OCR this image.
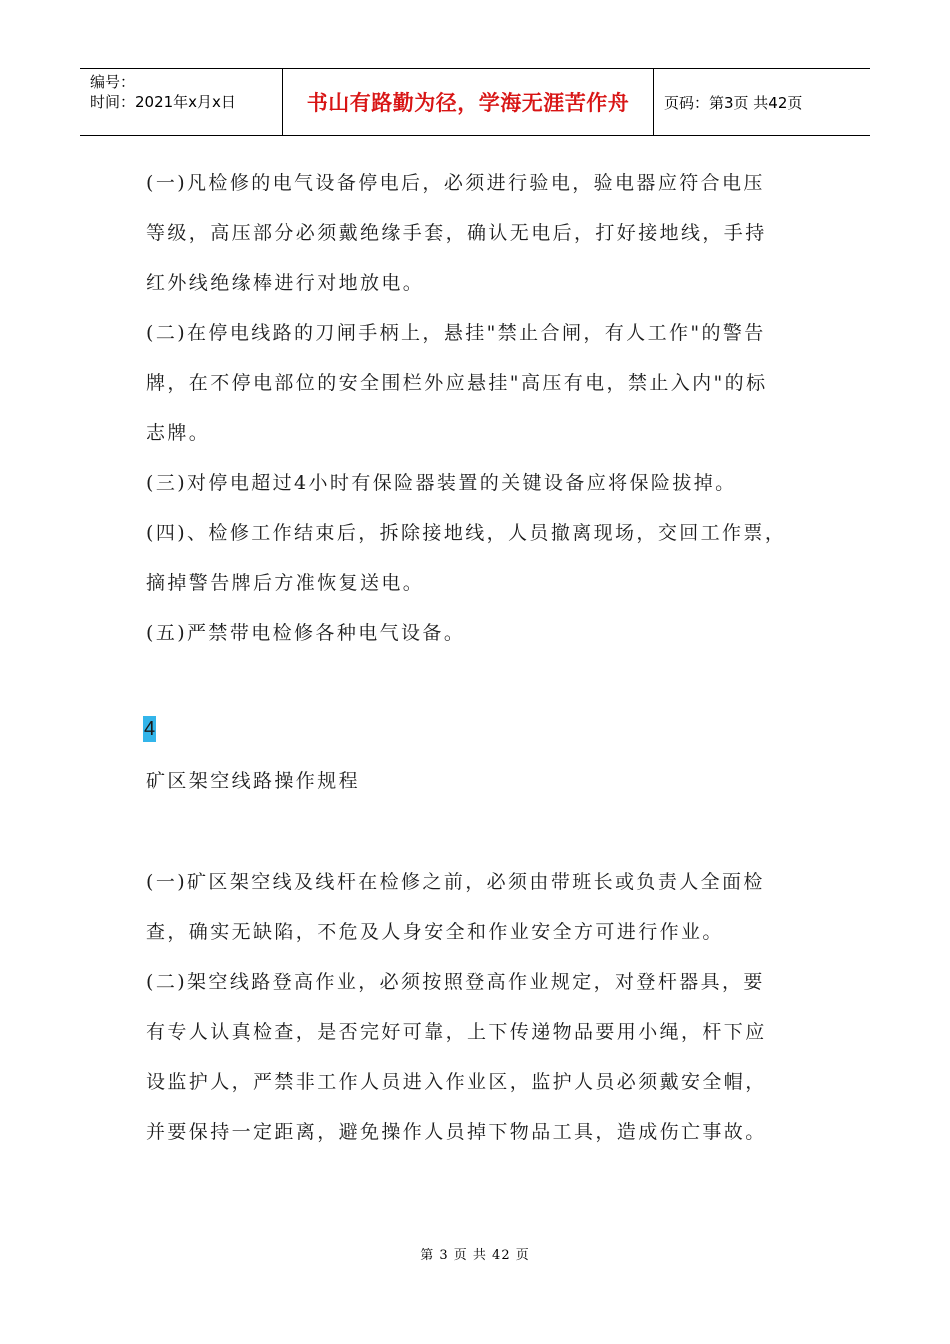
编号：
时间：2021年x月x日	书山有路勤为径，学海无涯苦作舟	页码：第3页 共42页

(一)凡检修的电气设备停电后，必须进行验电，验电器应符合电压
等级，高压部分必须戴绝缘手套，确认无电后，打好接地线，手持
红外线绝缘棒进行对地放电。

(二)在停电线路的刀闸手柄上，悬挂"禁止合闸，有人工作"的警告
牌，在不停电部位的安全围栏外应悬挂"高压有电，禁止入内"的标
志牌。

(三)对停电超过4小时有保险器装置的关键设备应将保险拔掉。

(四)、检修工作结束后，拆除接地线，人员撤离现场，交回工作票，
摘掉警告牌后方准恢复送电。

(五)严禁带电检修各种电气设备。

4

矿区架空线路操作规程

(一)矿区架空线及线杆在检修之前，必须由带班长或负责人全面检
查，确实无缺陷，不危及人身安全和作业安全方可进行作业。

(二)架空线路登高作业，必须按照登高作业规定，对登杆器具，要
有专人认真检查，是否完好可靠，上下传递物品要用小绳，杆下应
设监护人，严禁非工作人员进入作业区，监护人员必须戴安全帽，
并要保持一定距离，避免操作人员掉下物品工具，造成伤亡事故。

第 3 页 共 42 页
